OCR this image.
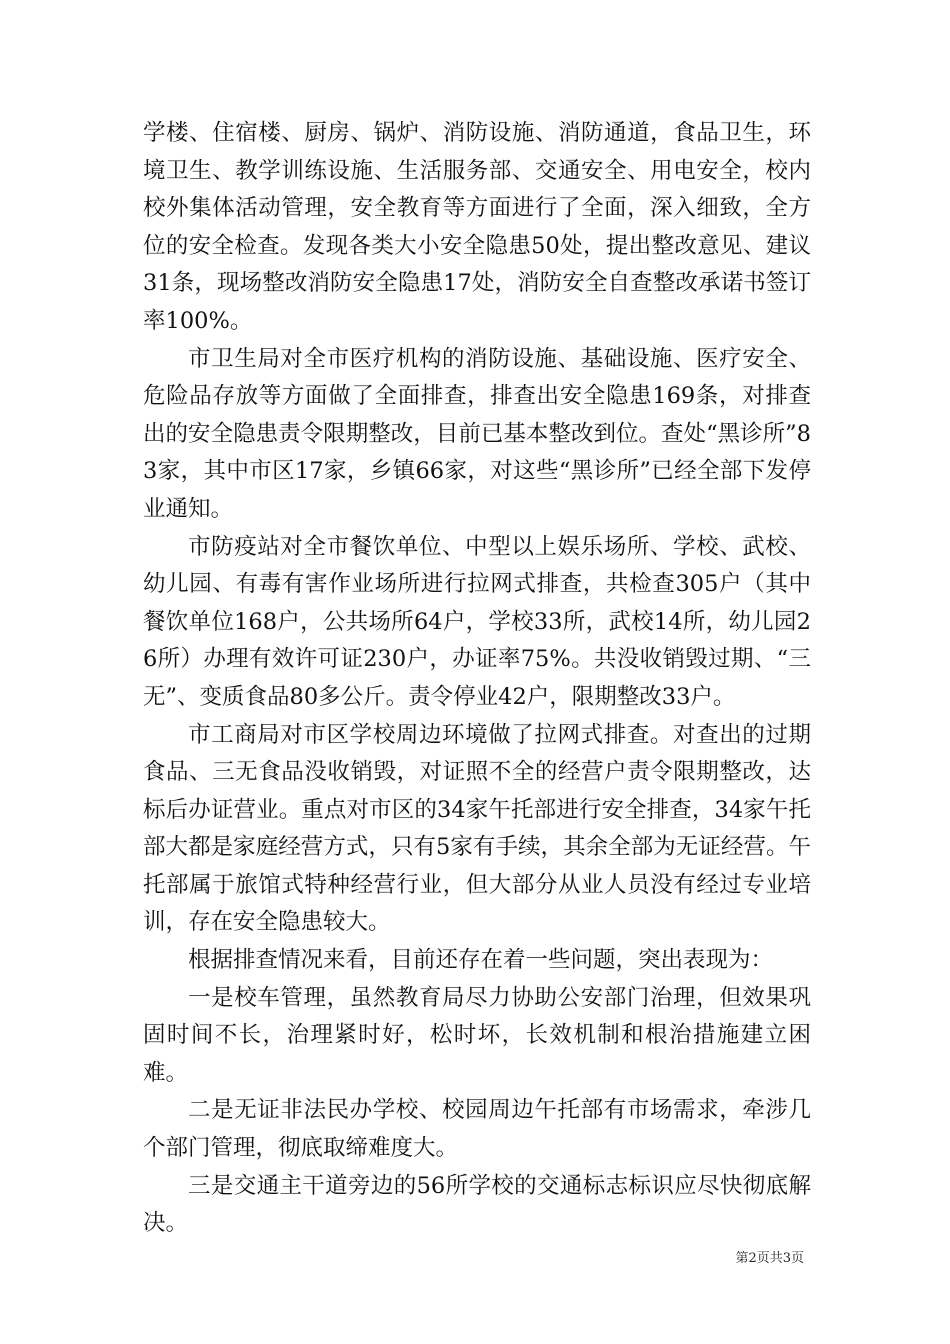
学楼、住宿楼、厨房、锅炉、消防设施、消防通道，食品卫生，环境卫生、教学训练设施、生活服务部、交通安全、用电安全，校内校外集体活动管理，安全教育等方面进行了全面，深入细致，全方位的安全检查。发现各类大小安全隐患50处，提出整改意见、建议31条，现场整改消防安全隐患17处，消防安全自查整改承诺书签订率100%。

市卫生局对全市医疗机构的消防设施、基础设施、医疗安全、危险品存放等方面做了全面排查，排查出安全隐患169条，对排查出的安全隐患责令限期整改，目前已基本整改到位。查处“黑诊所”83家，其中市区17家，乡镇66家，对这些“黑诊所”已经全部下发停业通知。

市防疫站对全市餐饮单位、中型以上娱乐场所、学校、武校、幼儿园、有毒有害作业场所进行拉网式排查，共检查305户（其中餐饮单位168户，公共场所64户，学校33所，武校14所，幼儿园26所）办理有效许可证230户，办证率75%。共没收销毁过期、“三无”、变质食品80多公斤。责令停业42户，限期整改33户。

市工商局对市区学校周边环境做了拉网式排查。对查出的过期食品、三无食品没收销毁，对证照不全的经营户责令限期整改，达标后办证营业。重点对市区的34家午托部进行安全排查，34家午托部大都是家庭经营方式，只有5家有手续，其余全部为无证经营。午托部属于旅馆式特种经营行业，但大部分从业人员没有经过专业培训，存在安全隐患较大。

根据排查情况来看，目前还存在着一些问题，突出表现为：

一是校车管理，虽然教育局尽力协助公安部门治理，但效果巩固时间不长，治理紧时好，松时坏，长效机制和根治措施建立困难。

二是无证非法民办学校、校园周边午托部有市场需求，牵涉几个部门管理，彻底取缔难度大。

三是交通主干道旁边的56所学校的交通标志标识应尽快彻底解决。

第2页共3页
